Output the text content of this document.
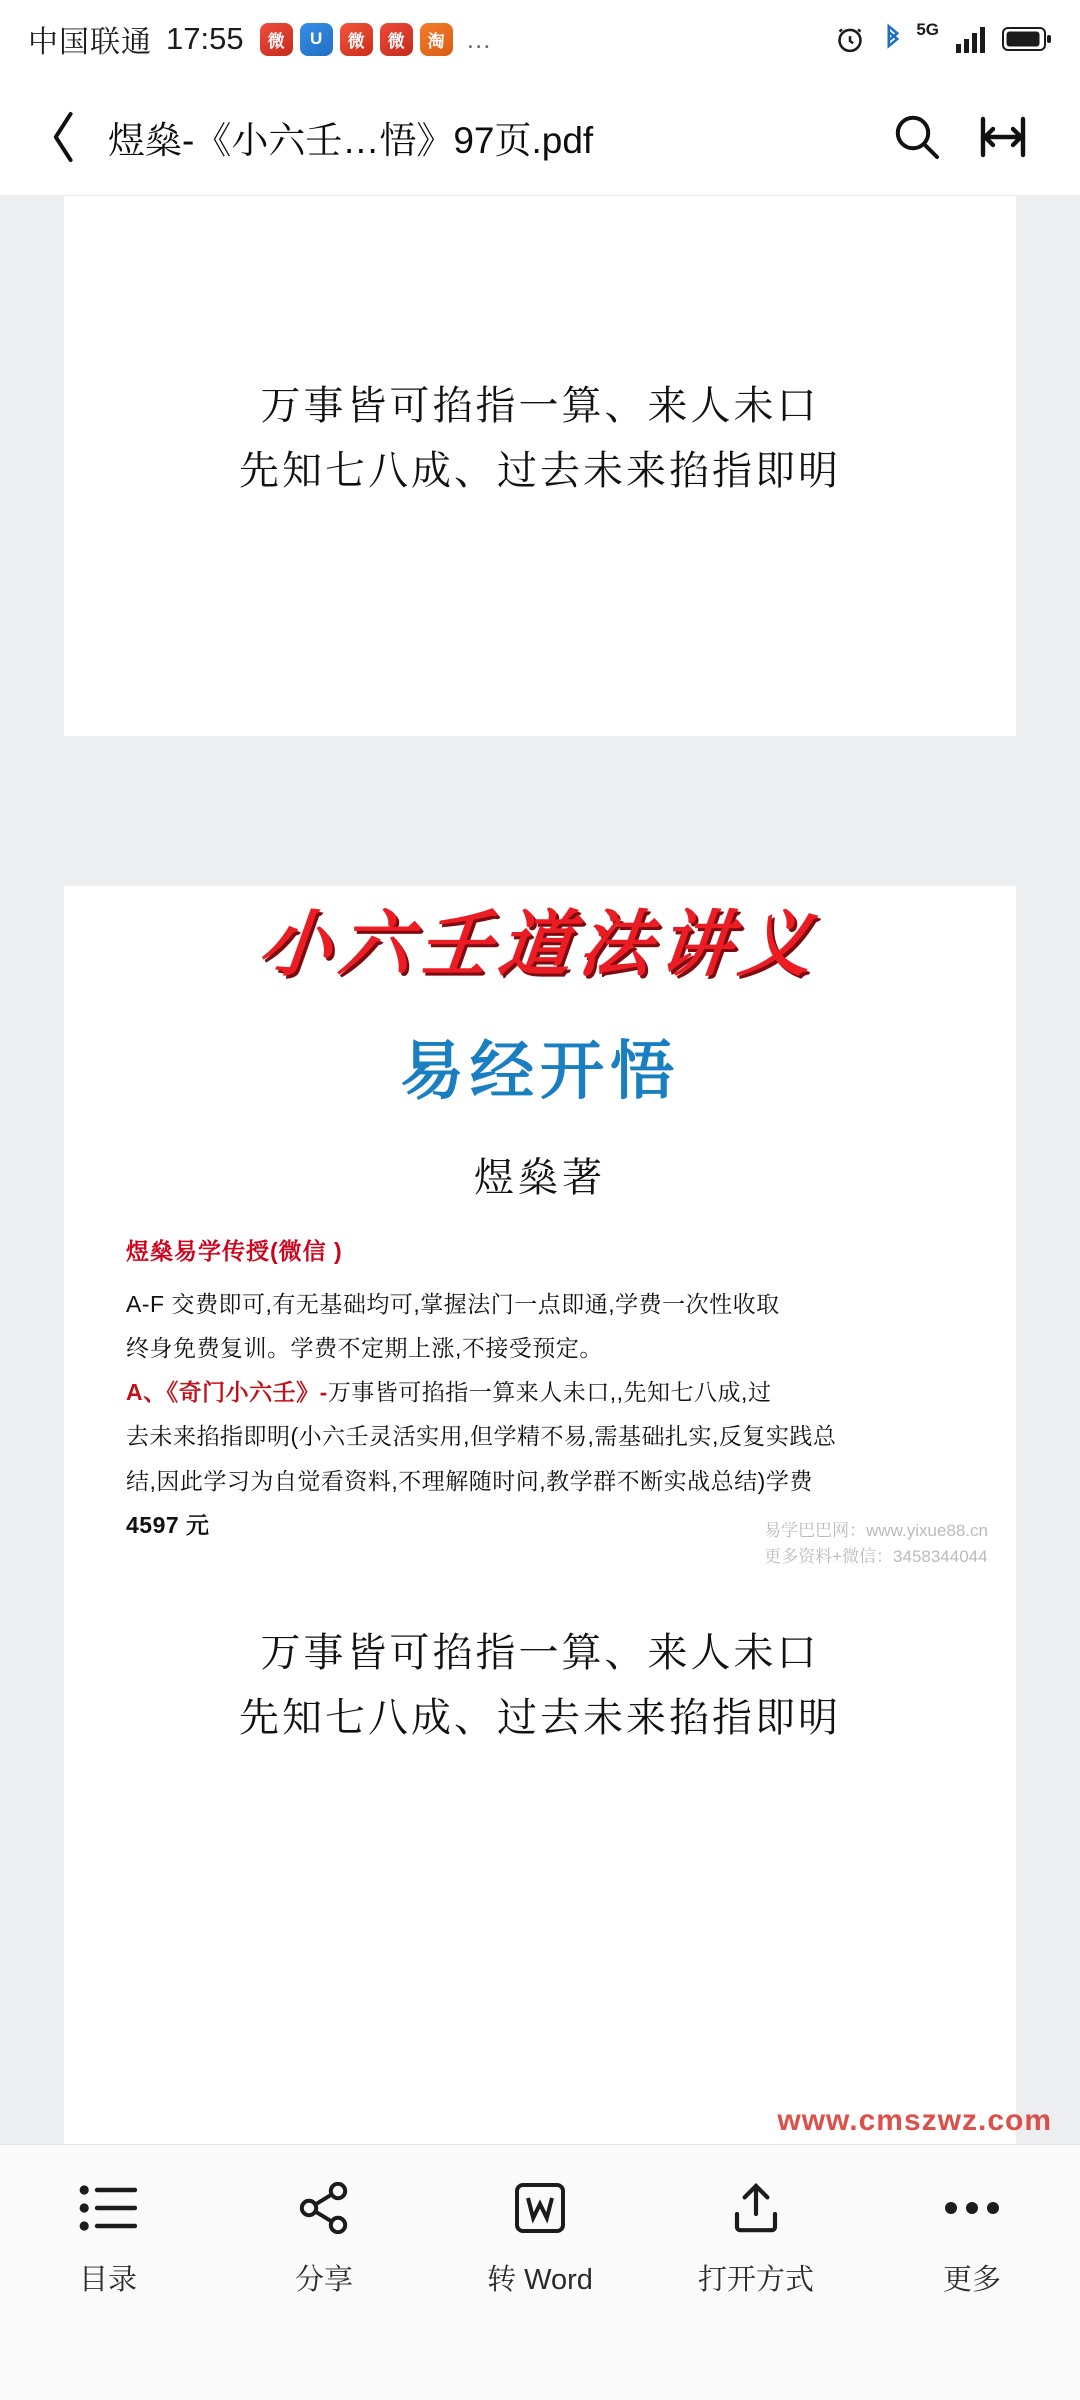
中国联通 17:55	微	U	微	微	淘 …	5G
煜燊-《小六壬…悟》97页.pdf
万事皆可掐指一算、来人未口
先知七八成、过去未来掐指即明
小六壬道法讲义
易经开悟
煜燊著
易学巴巴网：www.yixue88.cn
更多资料+微信：3458344044
煜燊易学传授(微信 )
A-F 交费即可,有无基础均可,掌握法门一点即通,学费一次性收取
终身免费复训。学费不定期上涨,不接受预定。
A、《奇门小六壬》-万事皆可掐指一算来人未口,,先知七八成,过
去未来掐指即明(小六壬灵活实用,但学精不易,需基础扎实,反复实践总
结,因此学习为自觉看资料,不理解随时问,教学群不断实战总结)学费
4597 元
万事皆可掐指一算、来人未口
先知七八成、过去未来掐指即明
www.cmszwz.com
目录	分享	转 Word	打开方式	更多
